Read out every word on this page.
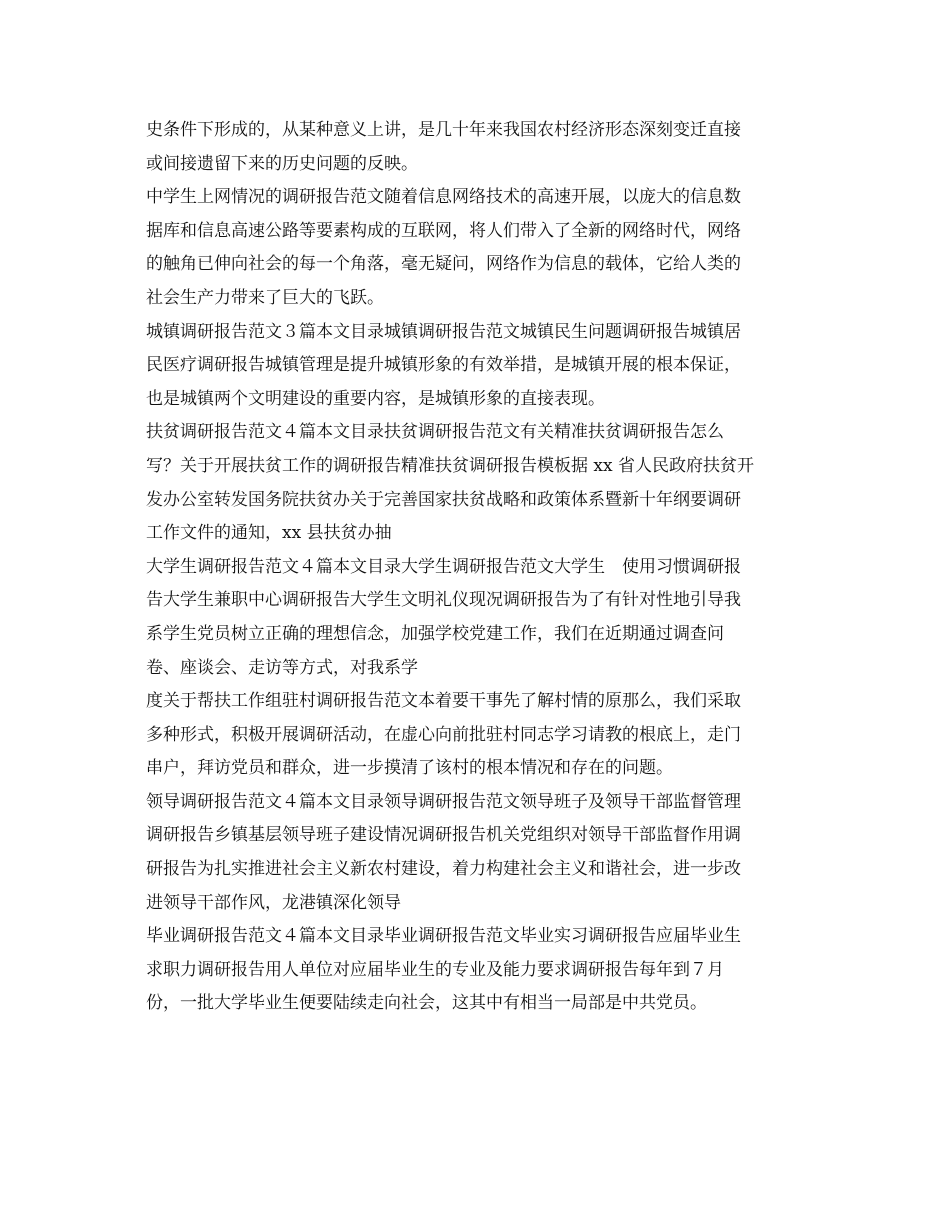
史条件下形成的，从某种意义上讲，是几十年来我国农村经济形态深刻变迁直接
或间接遗留下来的历史问题的反映。
中学生上网情况的调研报告范文随着信息网络技术的高速开展，以庞大的信息数
据库和信息高速公路等要素构成的互联网，将人们带入了全新的网络时代，网络
的触角已伸向社会的每一个角落，毫无疑问，网络作为信息的载体，它给人类的
社会生产力带来了巨大的飞跃。
城镇调研报告范文３篇本文目录城镇调研报告范文城镇民生问题调研报告城镇居
民医疗调研报告城镇管理是提升城镇形象的有效举措，是城镇开展的根本保证，
也是城镇两个文明建设的重要内容，是城镇形象的直接表现。
扶贫调研报告范文４篇本文目录扶贫调研报告范文有关精准扶贫调研报告怎么
写？关于开展扶贫工作的调研报告精准扶贫调研报告模板据 xx 省人民政府扶贫开
发办公室转发国务院扶贫办关于完善国家扶贫战略和政策体系暨新十年纲要调研
工作文件的通知，xx 县扶贫办抽
大学生调研报告范文４篇本文目录大学生调研报告范文大学生　使用习惯调研报
告大学生兼职中心调研报告大学生文明礼仪现况调研报告为了有针对性地引导我
系学生党员树立正确的理想信念，加强学校党建工作，我们在近期通过调查问
卷、座谈会、走访等方式，对我系学
度关于帮扶工作组驻村调研报告范文本着要干事先了解村情的原那么，我们采取
多种形式，积极开展调研活动，在虚心向前批驻村同志学习请教的根底上，走门
串户，拜访党员和群众，进一步摸清了该村的根本情况和存在的问题。
领导调研报告范文４篇本文目录领导调研报告范文领导班子及领导干部监督管理
调研报告乡镇基层领导班子建设情况调研报告机关党组织对领导干部监督作用调
研报告为扎实推进社会主义新农村建设，着力构建社会主义和谐社会，进一步改
进领导干部作风，龙港镇深化领导
毕业调研报告范文４篇本文目录毕业调研报告范文毕业实习调研报告应届毕业生
求职力调研报告用人单位对应届毕业生的专业及能力要求调研报告每年到７月
份，一批大学毕业生便要陆续走向社会，这其中有相当一局部是中共党员。
